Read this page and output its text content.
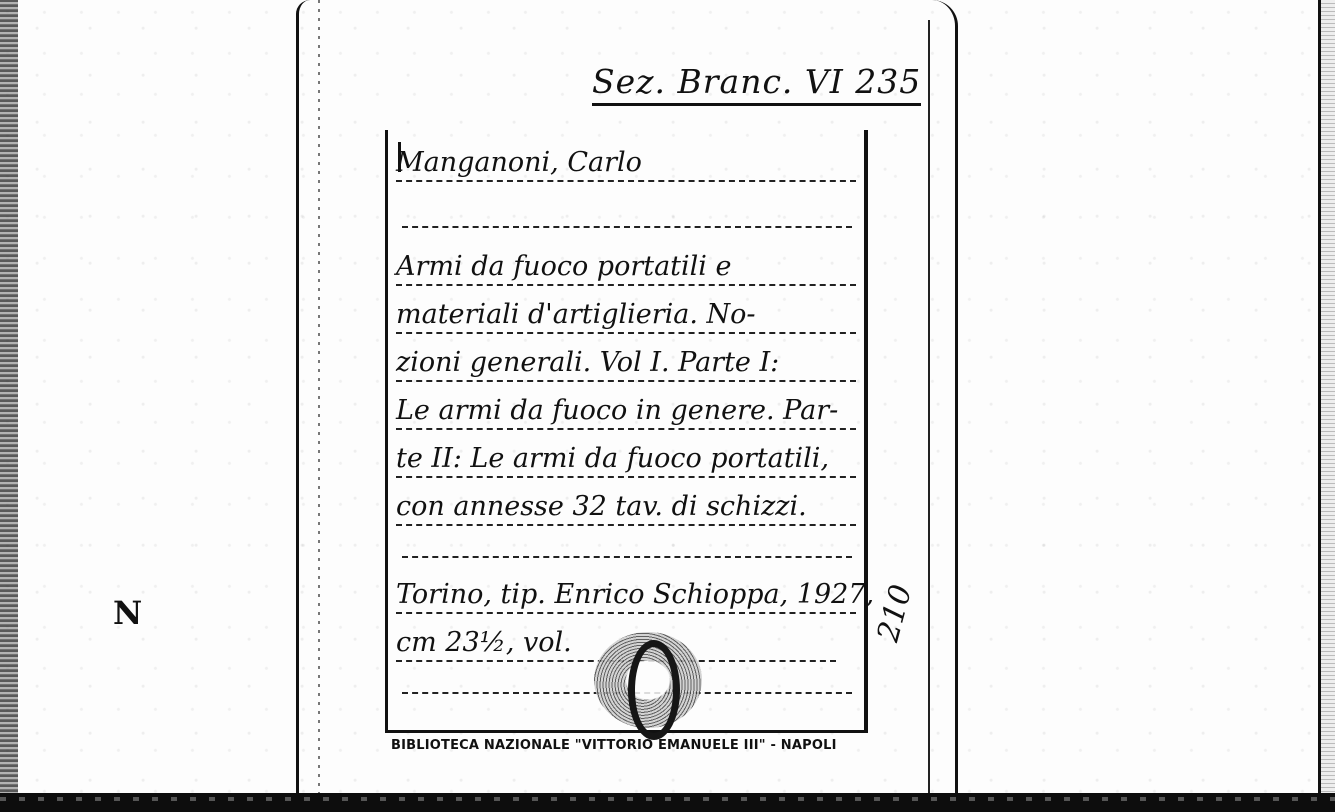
N
Sez. Branc. VI 235
Manganoni, Carlo
Armi da fuoco portatili e
materiali d'artiglieria. No-
zioni generali. Vol I. Parte I:
Le armi da fuoco in genere. Par-
te II: Le armi da fuoco portatili,
con annesse 32 tav. di schizzi.
Torino, tip. Enrico Schioppa, 1927,
cm 23½, vol.	210
BIBLIOTECA NAZIONALE "VITTORIO EMANUELE III" - NAPOLI
